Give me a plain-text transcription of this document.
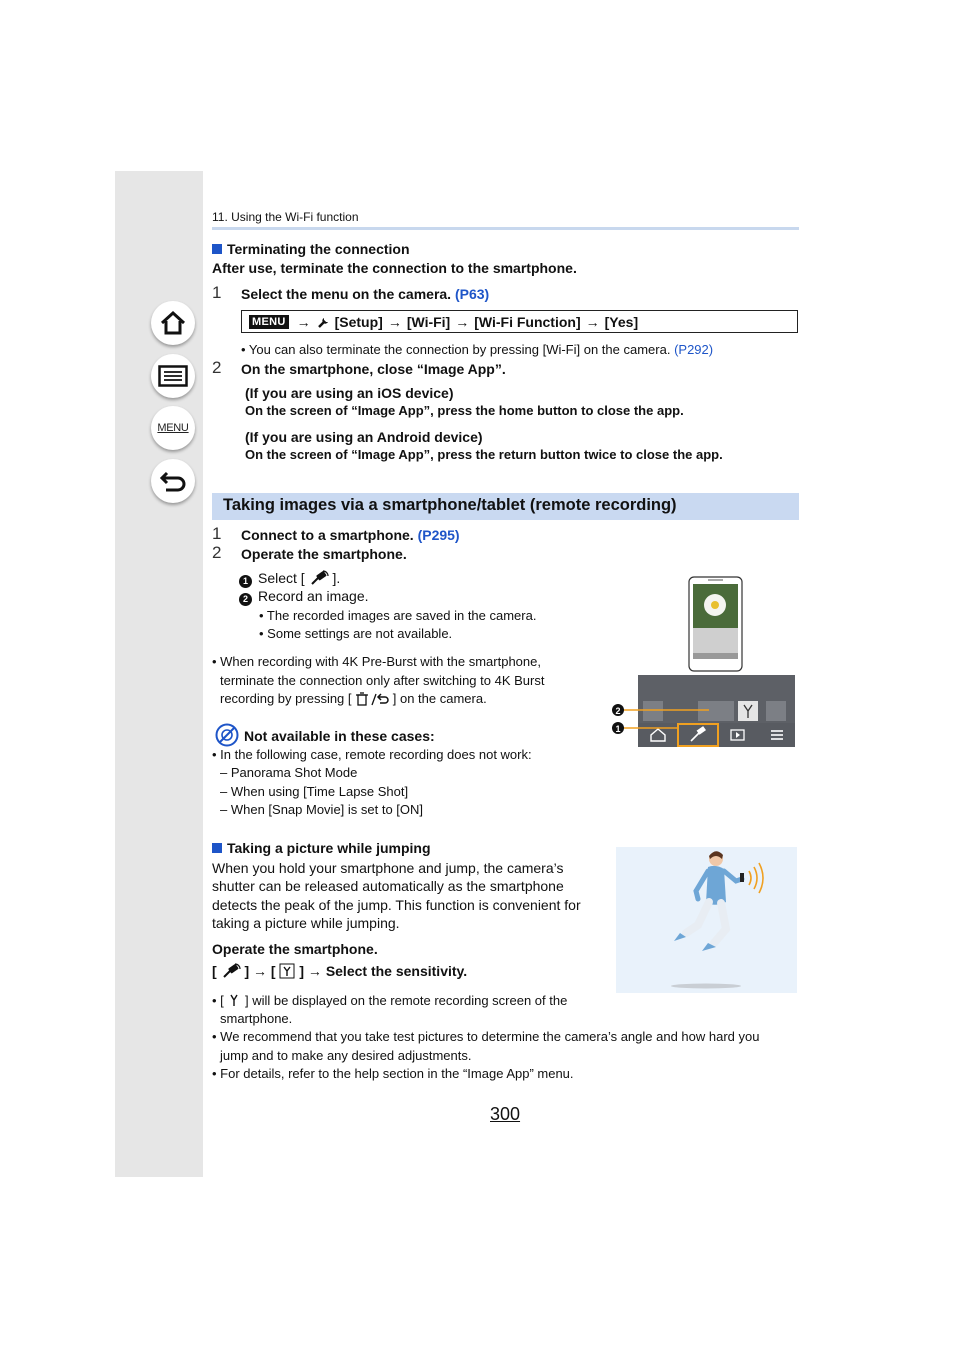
MENU
11. Using the Wi-Fi function
Terminating the connection
After use, terminate the connection to the smartphone.
1 Select the menu on the camera. (P63)
MENU → [Setup] → [Wi-Fi] → [Wi-Fi Function] → [Yes]
• You can also terminate the connection by pressing [Wi-Fi] on the camera. (P292)
2 On the smartphone, close “Image App”.
(If you are using an iOS device)
On the screen of “Image App”, press the home button to close the app.
(If you are using an Android device)
On the screen of “Image App”, press the return button twice to close the app.
Taking images via a smartphone/tablet (remote recording)
1 Connect to a smartphone. (P295)
2 Operate the smartphone.
1 Select [ ].
2 Record an image.
• The recorded images are saved in the camera.
• Some settings are not available.
• When recording with 4K Pre-Burst with the smartphone,
terminate the connection only after switching to 4K Burst
recording by pressing [	] on the camera.
2
1
Not available in these cases:
• In the following case, remote recording does not work:
– Panorama Shot Mode
– When using [Time Lapse Shot]
– When [Snap Movie] is set to [ON]
Taking a picture while jumping
When you hold your smartphone and jump, the camera’s
shutter can be released automatically as the smartphone
detects the peak of the jump. This function is convenient for
taking a picture while jumping.
Operate the smartphone.
[ ] → [ ] → Select the sensitivity.
• [ ] will be displayed on the remote recording screen of the
smartphone.
• We recommend that you take test pictures to determine the camera’s angle and how hard you
jump and to make any desired adjustments.
• For details, refer to the help section in the “Image App” menu.
300
